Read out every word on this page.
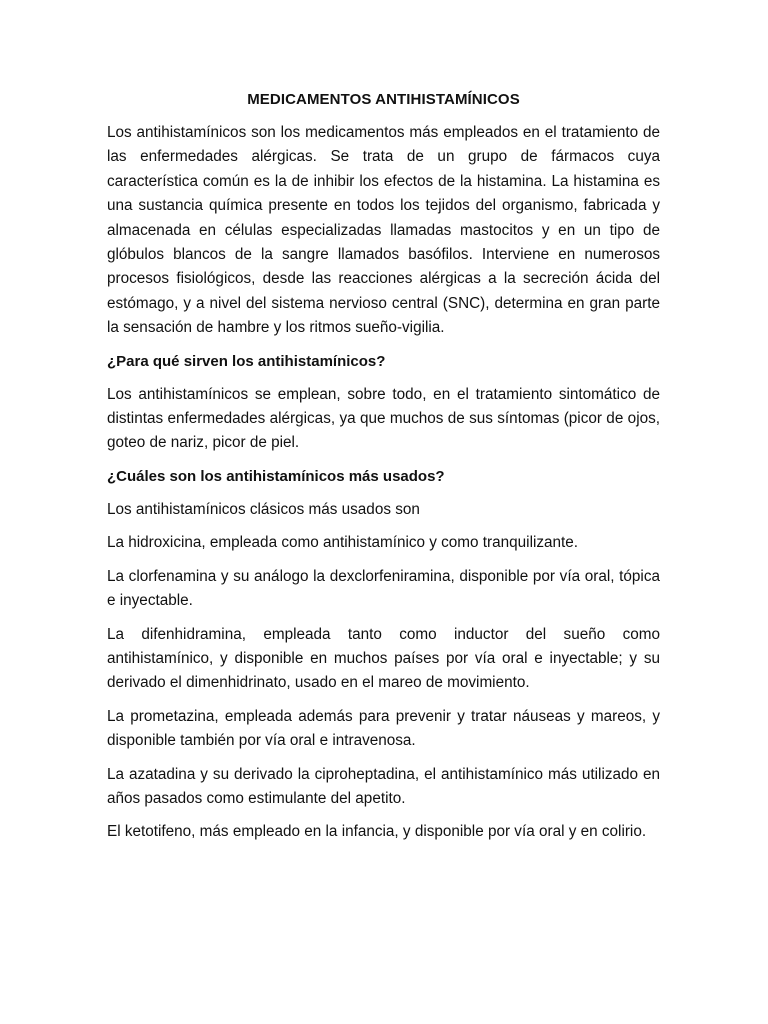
MEDICAMENTOS ANTIHISTAMÍNICOS

Los antihistamínicos son los medicamentos más empleados en el tratamiento de las enfermedades alérgicas. Se trata de un grupo de fármacos cuya característica común es la de inhibir los efectos de la histamina. La histamina es una sustancia química presente en todos los tejidos del organismo, fabricada y almacenada en células especializadas llamadas mastocitos y en un tipo de glóbulos blancos de la sangre llamados basófilos. Interviene en numerosos procesos fisiológicos, desde las reacciones alérgicas a la secreción ácida del estómago, y a nivel del sistema nervioso central (SNC), determina en gran parte la sensación de hambre y los ritmos sueño-vigilia.

¿Para qué sirven los antihistamínicos?

Los antihistamínicos se emplean, sobre todo, en el tratamiento sintomático de distintas enfermedades alérgicas, ya que muchos de sus síntomas (picor de ojos, goteo de nariz, picor de piel.

¿Cuáles son los antihistamínicos más usados?

Los antihistamínicos clásicos más usados son

La hidroxicina, empleada como antihistamínico y como tranquilizante.

La clorfenamina y su análogo la dexclorfeniramina, disponible por vía oral, tópica e inyectable.

La difenhidramina, empleada tanto como inductor del sueño como antihistamínico, y disponible en muchos países por vía oral e inyectable; y su derivado el dimenhidrinato, usado en el mareo de movimiento.

La prometazina, empleada además para prevenir y tratar náuseas y mareos, y disponible también por vía oral e intravenosa.

La azatadina y su derivado la ciproheptadina, el antihistamínico más utilizado en años pasados como estimulante del apetito.

El ketotifeno, más empleado en la infancia, y disponible por vía oral y en colirio.
